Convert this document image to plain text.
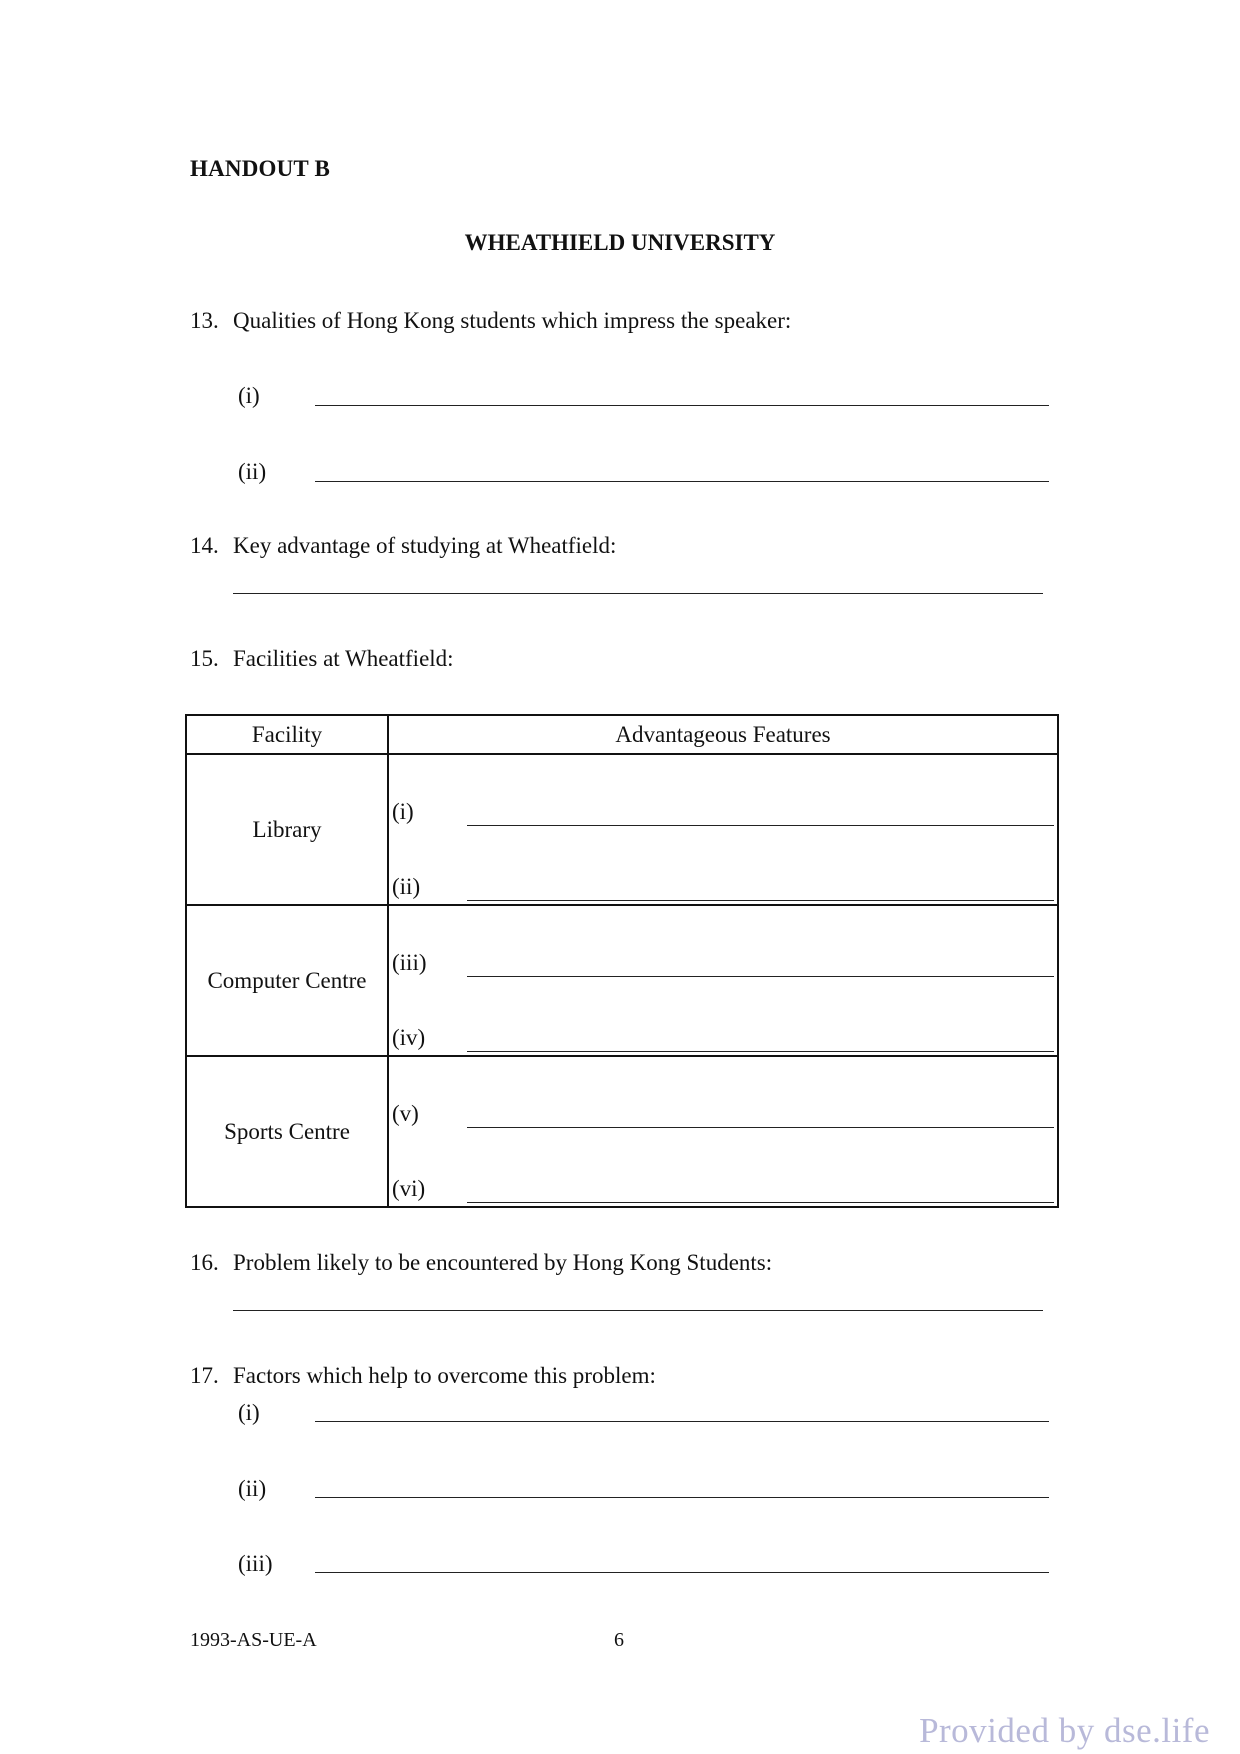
HANDOUT B
WHEATHIELD UNIVERSITY
13. Qualities of Hong Kong students which impress the speaker:
(i)
(ii)
14. Key advantage of studying at Wheatfield:
15. Facilities at Wheatfield:
Facility	Advantageous Features
Library	(i)
(ii)

Computer Centre	(iii)
(iv)

Sports Centre	(v)
(vi)
16. Problem likely to be encountered by Hong Kong Students:
17. Factors which help to overcome this problem:
(i)
(ii)
(iii)
1993-AS-UE-A	6
Provided by dse.life
